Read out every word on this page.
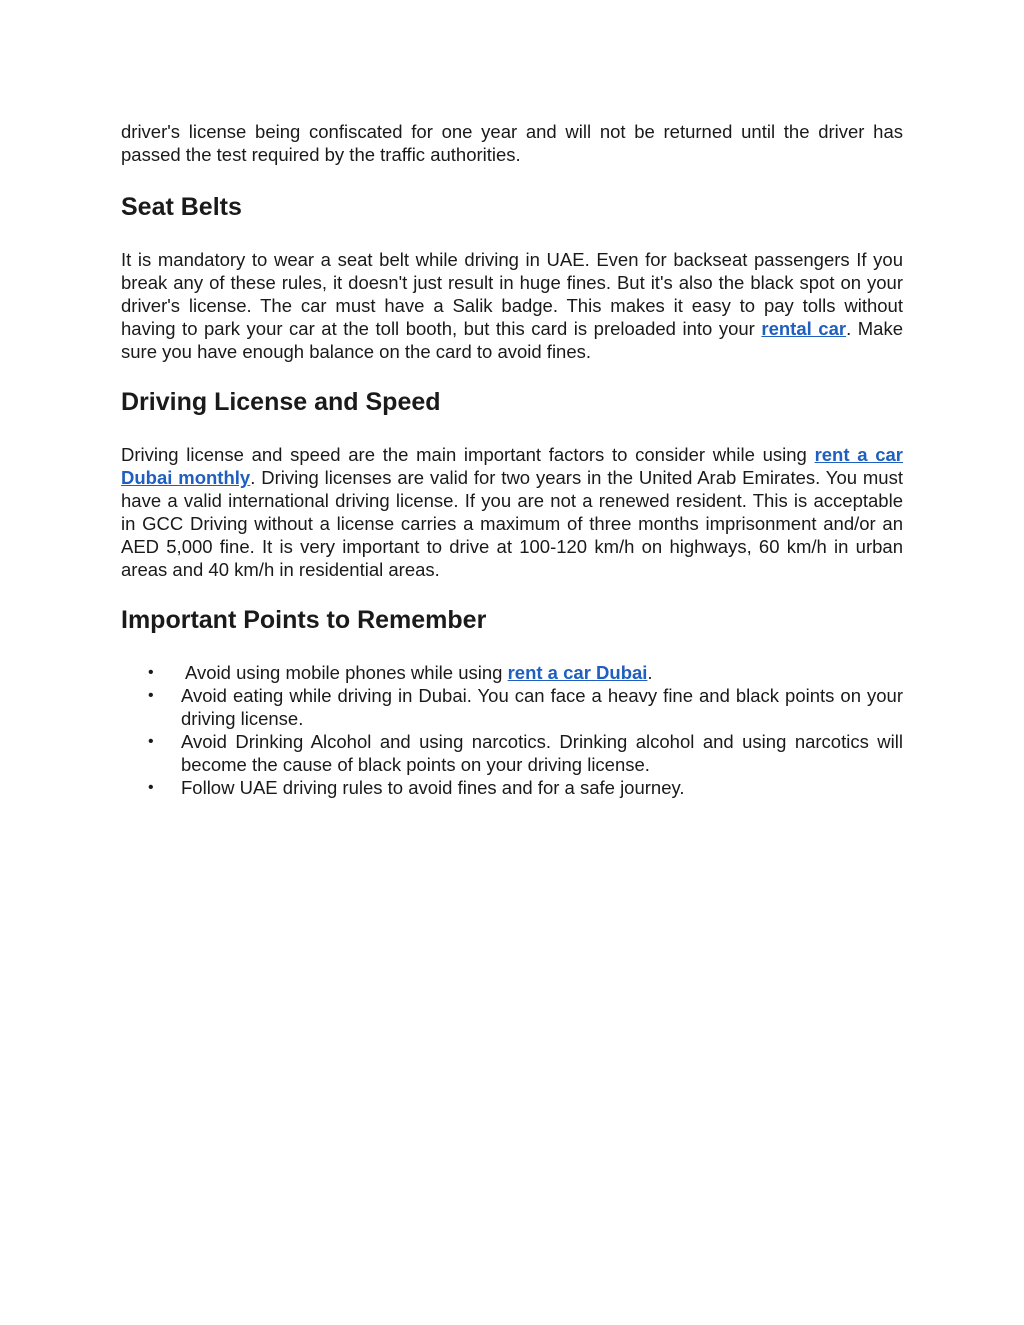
driver's license being confiscated for one year and will not be returned until the driver has passed the test required by the traffic authorities.

Seat Belts

It is mandatory to wear a seat belt while driving in UAE. Even for backseat passengers If you break any of these rules, it doesn't just result in huge fines. But it's also the black spot on your driver's license. The car must have a Salik badge. This makes it easy to pay tolls without having to park your car at the toll booth, but this card is preloaded into your rental car. Make sure you have enough balance on the card to avoid fines.

Driving License and Speed

Driving license and speed are the main important factors to consider while using rent a car Dubai monthly. Driving licenses are valid for two years in the United Arab Emirates. You must have a valid international driving license. If you are not a renewed resident. This is acceptable in GCC Driving without a license carries a maximum of three months imprisonment and/or an AED 5,000 fine. It is very important to drive at 100-120 km/h on highways, 60 km/h in urban areas and 40 km/h in residential areas.

Important Points to Remember
• Avoid using mobile phones while using rent a car Dubai.
• Avoid eating while driving in Dubai. You can face a heavy fine and black points on your driving license.
• Avoid Drinking Alcohol and using narcotics. Drinking alcohol and using narcotics will become the cause of black points on your driving license.
• Follow UAE driving rules to avoid fines and for a safe journey.
